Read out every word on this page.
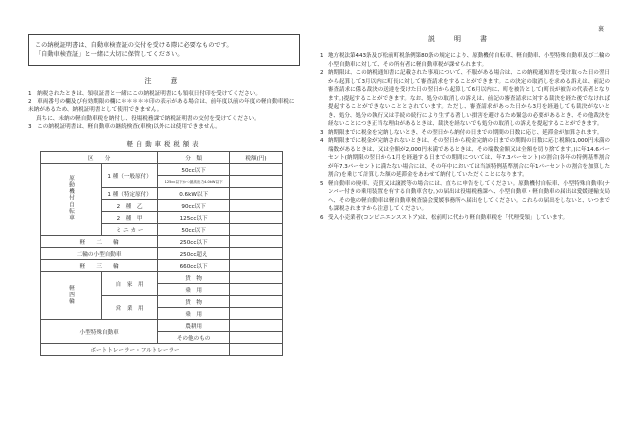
この納税証明書は、自動車検査証の交付を受ける際に必要なものです。
「自動車検査証」と一緒に大切に保管してください。
注　意
1　 納税されたときは、領収証書と一緒にこの納税証明書にも領収日付印を受けてください。
2　 車両番号の欄及び有効期限の欄に＊＊＊＊＊印の表示がある場合は、前年度以前の年度の軽自動車税に未納があるため、納税証明書として使用できません。
真ちに、未納の軽自動車税を納付し、役場税務課で納税証明書の交付を受けてください。
3　 この納税証明書は、軽自動車の継続検査(車検)以外には使用できません。
軽自動車税税額表
区　　分		分　類	税額(円)
原動機付自転車	1 種（一般原付）	50cc以下	
		125cc以下かつ最高出力4.0kW以下	
	1 種（特定原付）	0.6kW以下	
	2　種　乙	90cc以下	
	2　種　甲	125cc以下	
	ミ ニ カ ー	50cc以下	
軽　　二　　輪		250cc以下	
二輪の小型自動車		250cc超え	
軽　　三　　輪		660cc以下	
軽四輪	自　家　用	貨　物	
		乗　用	
	営　業　用	貨　物	
		乗　用	
小型特殊自動車		農耕用	
		その他のもの	
ボートトレーラー・フルトレーラー			
裏
説　明　書
1 地方税法第443条及び松前町税条例第80条の規定により、原動機付自転車、軽自動車、小型特殊自動車及び二輪の小型自動車に対して、その所有者に軽自動車税が課せられます。
2 納期限は、この納税通知書に記載された事項について、不服がある場合は、この納税通知書を受け取った日の翌日から起算して3月以内に町長に対して審査請求をすることができます。この決定の取消しを求める訴えは、前記の審査請求に係る裁決の送達を受けた日の翌日から起算して6月以内に、町を被告として(町長が被告の代表者となります。)提起することができます。なお、処分の取消しの訴えは、前記の審査請求に対する裁決を経た後でなければ提起することができないこととされています。ただし、審査請求があった日から3月を経過しても裁決がないとき、処分、処分の執行又は手続の続行により生ずる著しい損害を避けるため緊急の必要があるとき、その他裁決を経ないことにつき正当な理由があるときは、裁決を経ないでも処分の取消しの訴えを提起することができます。
3 納期限までに税金を完納しないとき、その翌日から納付の日までの期間の日数に応じ、延滞金が加算されます。
4 納期限までに税金が完納されないときは、その翌日から税金完納の日までの期間の日数に応じ税額(1,000円未満の端数があるときは、又は全額が2,000円未満であるときは、その端数金額又は全額を切り捨てます。)に年14.6パーセント(納期限の翌日から1月を経過する日までの期間については、年7.3パーセント)の割合(各年の特例基準割合が年7.3パーセントに満たない場合には、その年中においては当該特例基準割合に年1パーセントの割合を加算した割合)を乗じて計算した額の延滞金をあわせて納付していただくことになります。
5 軽自動車の廃車、売買又は譲渡等の場合には、直ちに申告をしてください。原動機付自転車、小型特殊自動車(ナンバー付きの乗用装置を有する自動車含む。)の届出は役場税務課へ、小型自動車・軽自動車の届出は愛媛運輸支局へ、その他の軽自動車は軽自動車検査協会愛媛事務所へ届出をしてください。これらの届出をしないと、いつまでも課税されますから注意してください。
6 受入小売業者(コンビニエンスストア)は、松前町に代わり軽自動車税を「代理受領」しています。
